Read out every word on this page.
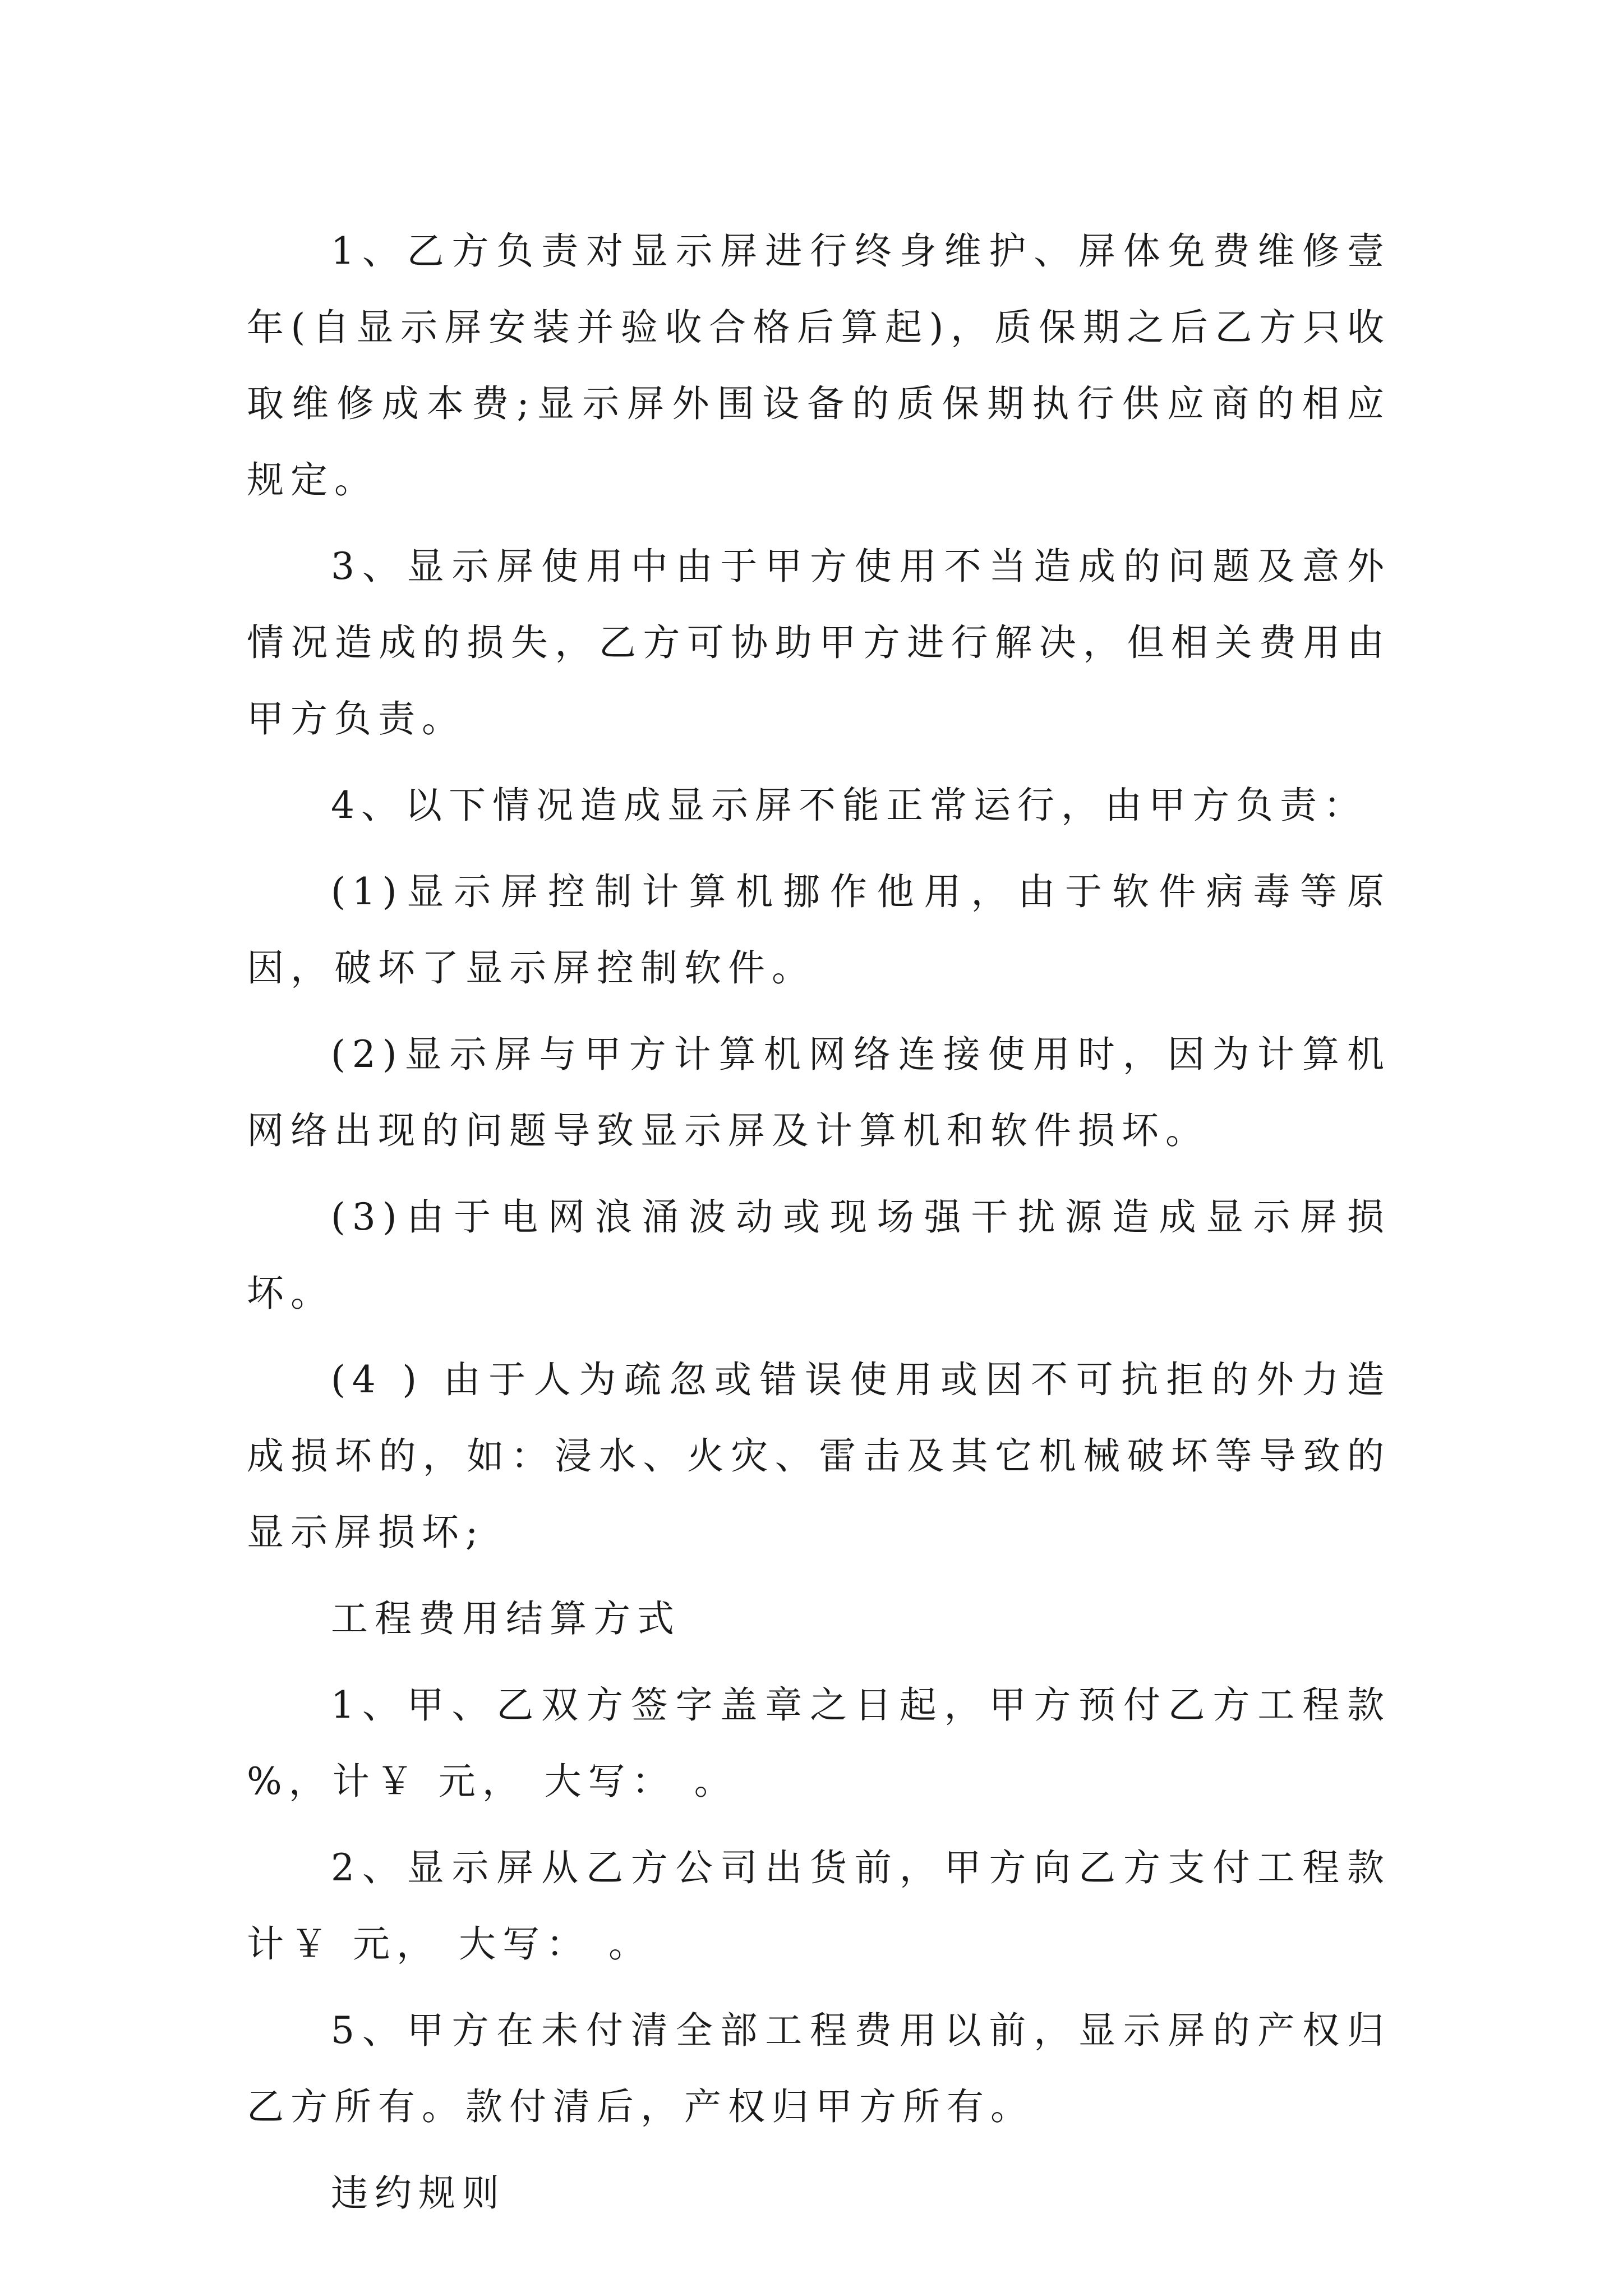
1、乙方负责对显示屏进行终身维护、屏体免费维修壹年(自显示屏安装并验收合格后算起)，质保期之后乙方只收取维修成本费;显示屏外围设备的质保期执行供应商的相应规定。

3、显示屏使用中由于甲方使用不当造成的问题及意外情况造成的损失，乙方可协助甲方进行解决，但相关费用由甲方负责。

4、以下情况造成显示屏不能正常运行，由甲方负责：

(1)显示屏控制计算机挪作他用，由于软件病毒等原因，破坏了显示屏控制软件。

(2)显示屏与甲方计算机网络连接使用时，因为计算机网络出现的问题导致显示屏及计算机和软件损坏。

(3)由于电网浪涌波动或现场强干扰源造成显示屏损坏。

(4 ) 由于人为疏忽或错误使用或因不可抗拒的外力造成损坏的，如：浸水、火灾、雷击及其它机械破坏等导致的显示屏损坏;

工程费用结算方式

1、甲、乙双方签字盖章之日起，甲方预付乙方工程款 %，计￥ 元， 大写： 。

2、显示屏从乙方公司出货前，甲方向乙方支付工程款计￥ 元， 大写： 。

5、甲方在未付清全部工程费用以前，显示屏的产权归乙方所有。款付清后，产权归甲方所有。

违约规则
